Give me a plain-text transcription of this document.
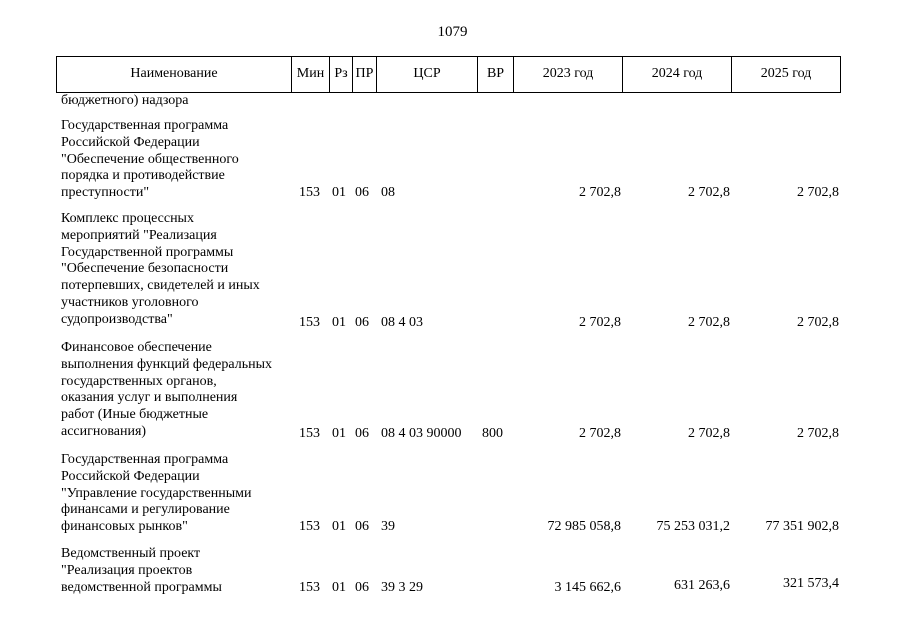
1079
Наименование	Мин Рз ПР	ЦСР	ВР	2023 год	2024 год	2025 год
бюджетного) надзора
Государственная программа
Российской Федерации
"Обеспечение общественного
порядка и противодействие
преступности"	153 01 06 08	2 702,8	2 702,8	2 702,8
Комплекс процессных
мероприятий "Реализация
Государственной программы
"Обеспечение безопасности
потерпевших, свидетелей и иных
участников уголовного
судопроизводства"	153 01 06 08 4 03	2 702,8	2 702,8	2 702,8
Финансовое обеспечение
выполнения функций федеральных
государственных органов,
оказания услуг и выполнения
работ (Иные бюджетные
ассигнования)	153 01 06 08 4 03 90000 800	2 702,8	2 702,8	2 702,8
Государственная программа
Российской Федерации
"Управление государственными
финансами и регулирование
финансовых рынков"	153 01 06 39	72 985 058,8	75 253 031,2	77 351 902,8
Ведомственный проект
"Реализация проектов
ведомственной программы	153 01 06 39 3 29	3 145 662,6	631 263,6	321 573,4
